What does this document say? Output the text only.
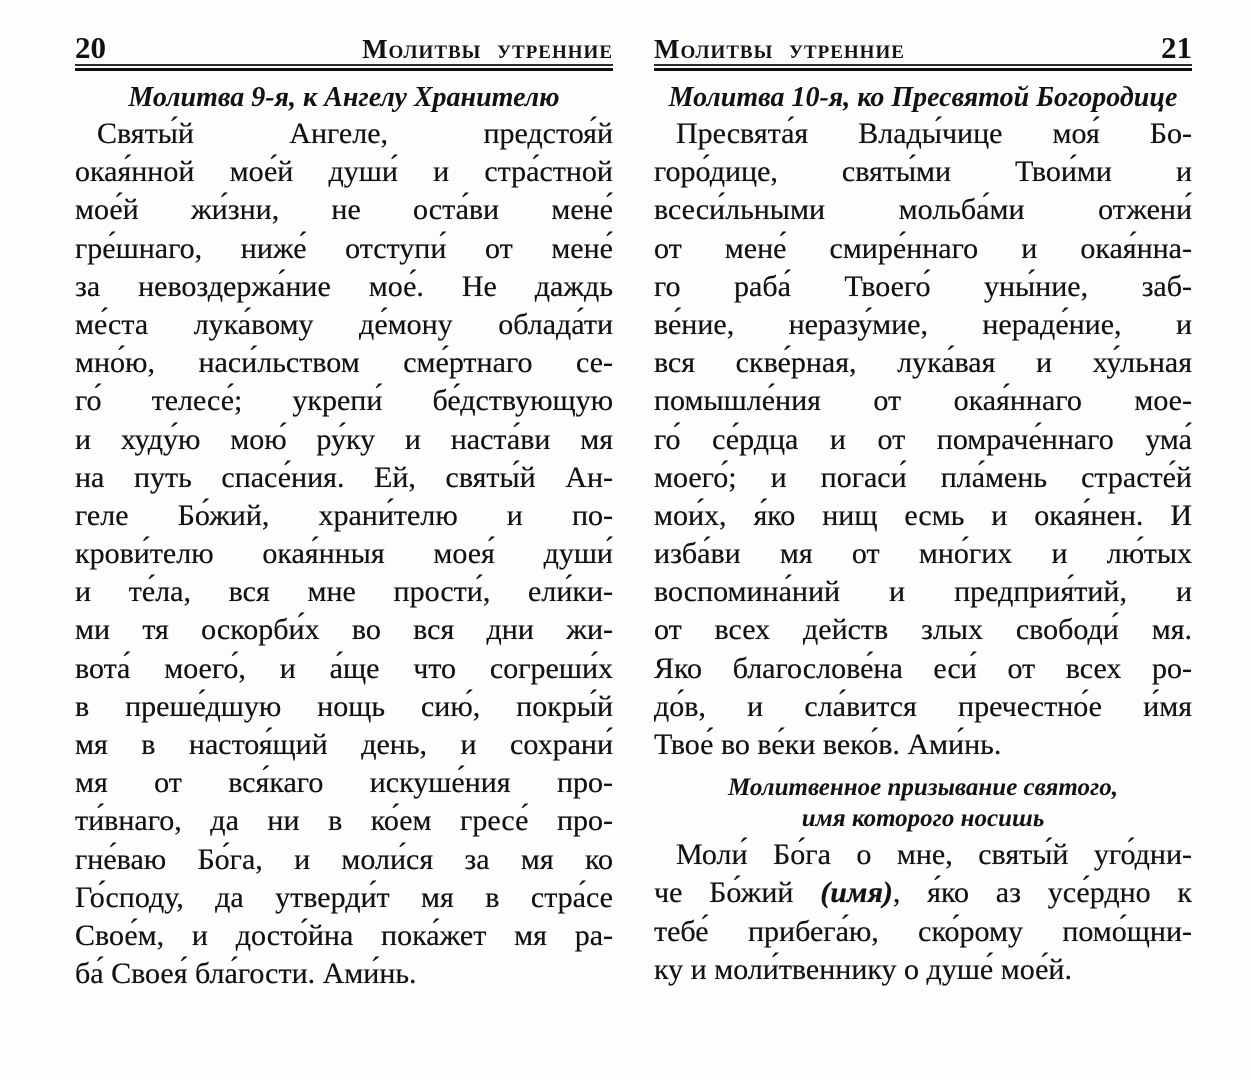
20	Молитвы утренние
Молитва 9-я, к Ангелу Хранителю
Святы́й Ангеле, предстоя́й
окая́нной мое́й души́ и стра́стной
мое́й жи́зни, не оста́ви мене́
гре́шнаго, ниже́ отступи́ от мене́
за невоздержа́ние мое́. Не даждь
ме́ста лука́вому де́мону облада́ти
мно́ю, наси́льством сме́ртнаго се-
го́ телесе́; укрепи́ бе́дствующую
и худу́ю мою́ ру́ку и наста́ви мя
на путь спасе́ния. Ей, святы́й Ан-
геле Бо́жий, храни́телю и по-
крови́телю окая́нныя моея́ души́
и те́ла, вся мне прости́, ели́ки-
ми тя оскорби́х во вся дни жи-
вота́ моего́, и а́ще что согреши́х
в преше́дшую нощь сию́, покры́й
мя в настоя́щий день, и сохрани́
мя от вся́каго искуше́ния про-
ти́внаго, да ни в ко́ем гресе́ про-
гне́ваю Бо́га, и моли́ся за мя ко
Го́споду, да утверди́т мя в стра́се
Свое́м, и досто́йна пока́жет мя ра-
ба́ Своея́ бла́гости. Ами́нь.
Молитвы утренние	21
Молитва 10-я, ко Пресвятой Богородице
Пресвята́я Влады́чице моя́ Бо-
горо́дице, святы́ми Твои́ми и
всеси́льными мольба́ми отжени́
от мене́ смире́ннаго и окая́нна-
го раба́ Твоего́ уны́ние, заб-
ве́ние, неразу́мие, нераде́ние, и
вся скве́рная, лука́вая и ху́льная
помышле́ния от окая́ннаго мое-
го́ се́рдца и от помраче́ннаго ума́
моего́; и погаси́ пла́мень страсте́й
мои́х, я́ко нищ есмь и окая́нен. И
изба́ви мя от мно́гих и лю́тых
воспомина́ний и предприя́тий, и
от всех действ злых свободи́ мя.
Яко благослове́на еси́ от всех ро-
до́в, и сла́вится пречестно́е и́мя
Твое́ во ве́ки веко́в. Ами́нь.
Молитвенное призывание святого,
имя которого носишь
Моли́ Бо́га о мне, святы́й уго́дни-
че Бо́жий (имя), я́ко аз усе́рдно к
тебе́ прибега́ю, ско́рому помо́щни-
ку и моли́твеннику о душе́ мое́й.
